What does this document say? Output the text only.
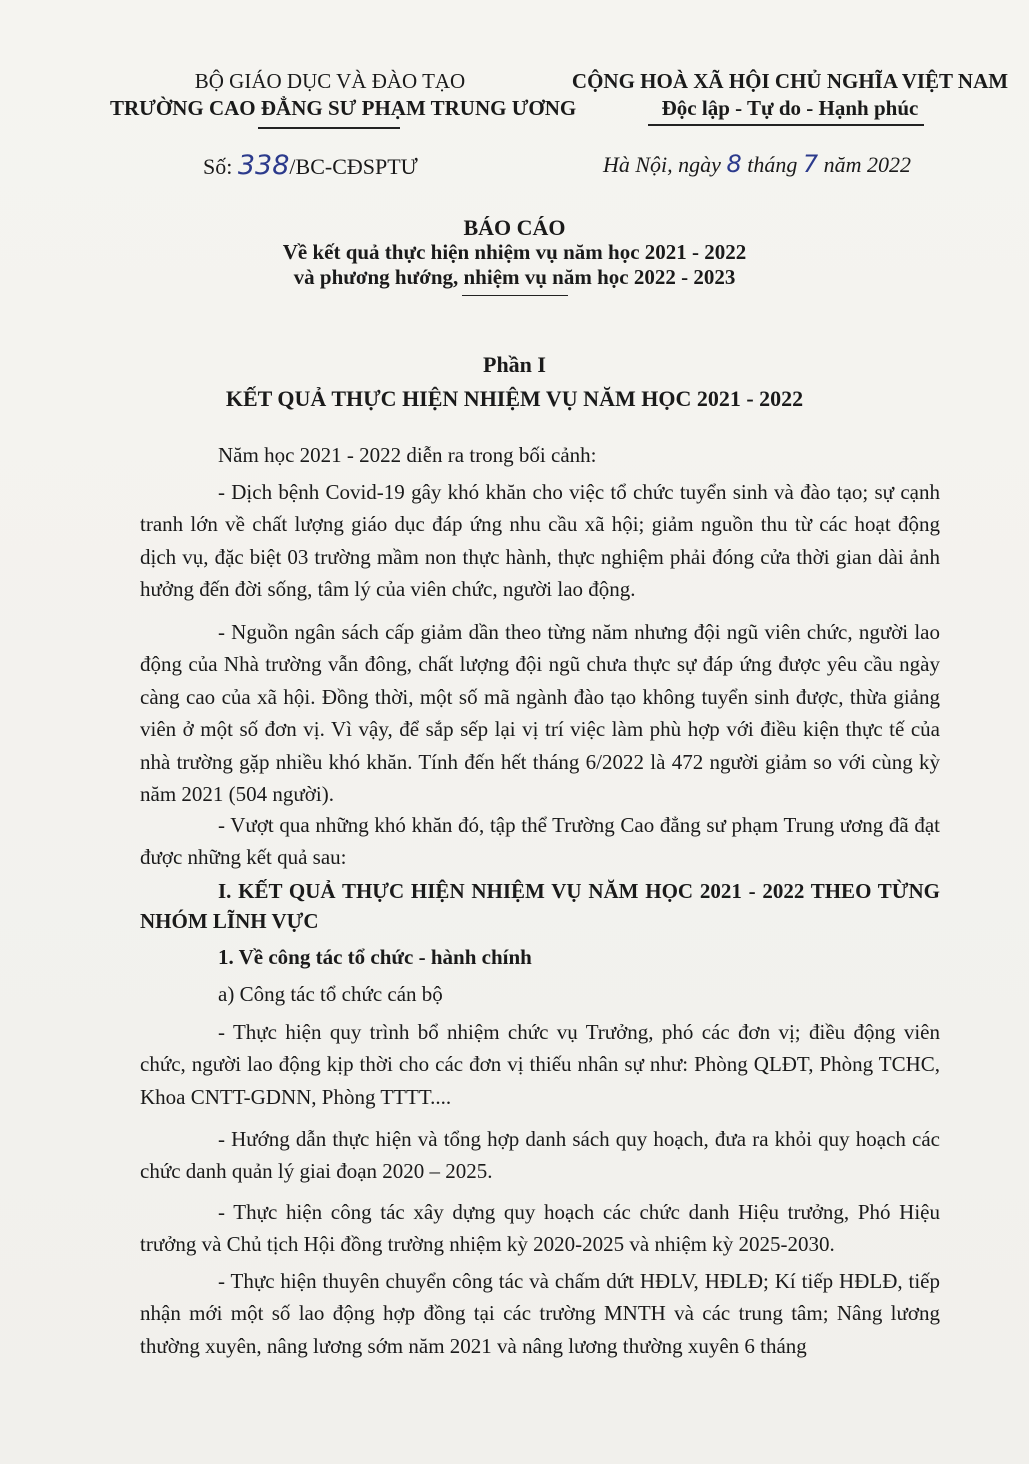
BỘ GIÁO DỤC VÀ ĐÀO TẠO
TRƯỜNG CAO ĐẲNG SƯ PHẠM TRUNG ƯƠNG
CỘNG HOÀ XÃ HỘI CHỦ NGHĨA VIỆT NAM
Độc lập - Tự do - Hạnh phúc
Số: 338/BC-CĐSPTƯ	Hà Nội, ngày 8 tháng 7 năm 2022
BÁO CÁO
Về kết quả thực hiện nhiệm vụ năm học 2021 - 2022
và phương hướng, nhiệm vụ năm học 2022 - 2023
Phần I
KẾT QUẢ THỰC HIỆN NHIỆM VỤ NĂM HỌC 2021 - 2022
Năm học 2021 - 2022 diễn ra trong bối cảnh:
- Dịch bệnh Covid-19 gây khó khăn cho việc tổ chức tuyển sinh và đào tạo; sự cạnh tranh lớn về chất lượng giáo dục đáp ứng nhu cầu xã hội; giảm nguồn thu từ các hoạt động dịch vụ, đặc biệt 03 trường mầm non thực hành, thực nghiệm phải đóng cửa thời gian dài ảnh hưởng đến đời sống, tâm lý của viên chức, người lao động.
- Nguồn ngân sách cấp giảm dần theo từng năm nhưng đội ngũ viên chức, người lao động của Nhà trường vẫn đông, chất lượng đội ngũ chưa thực sự đáp ứng được yêu cầu ngày càng cao của xã hội. Đồng thời, một số mã ngành đào tạo không tuyển sinh được, thừa giảng viên ở một số đơn vị. Vì vậy, để sắp sếp lại vị trí việc làm phù hợp với điều kiện thực tế của nhà trường gặp nhiều khó khăn. Tính đến hết tháng 6/2022 là 472 người giảm so với cùng kỳ năm 2021 (504 người).
- Vượt qua những khó khăn đó, tập thể Trường Cao đẳng sư phạm Trung ương đã đạt được những kết quả sau:
I. KẾT QUẢ THỰC HIỆN NHIỆM VỤ NĂM HỌC 2021 - 2022 THEO TỪNG NHÓM LĨNH VỰC
1. Về công tác tổ chức - hành chính
a) Công tác tổ chức cán bộ
- Thực hiện quy trình bổ nhiệm chức vụ Trưởng, phó các đơn vị; điều động viên chức, người lao động kịp thời cho các đơn vị thiếu nhân sự như: Phòng QLĐT, Phòng TCHC, Khoa CNTT-GDNN, Phòng TTTT....
- Hướng dẫn thực hiện và tổng hợp danh sách quy hoạch, đưa ra khỏi quy hoạch các chức danh quản lý giai đoạn 2020 – 2025.
- Thực hiện công tác xây dựng quy hoạch các chức danh Hiệu trưởng, Phó Hiệu trưởng và Chủ tịch Hội đồng trường nhiệm kỳ 2020-2025 và nhiệm kỳ 2025-2030.
- Thực hiện thuyên chuyển công tác và chấm dứt HĐLV, HĐLĐ; Kí tiếp HĐLĐ, tiếp nhận mới một số lao động hợp đồng tại các trường MNTH và các trung tâm; Nâng lương thường xuyên, nâng lương sớm năm 2021 và nâng lương thường xuyên 6 tháng
